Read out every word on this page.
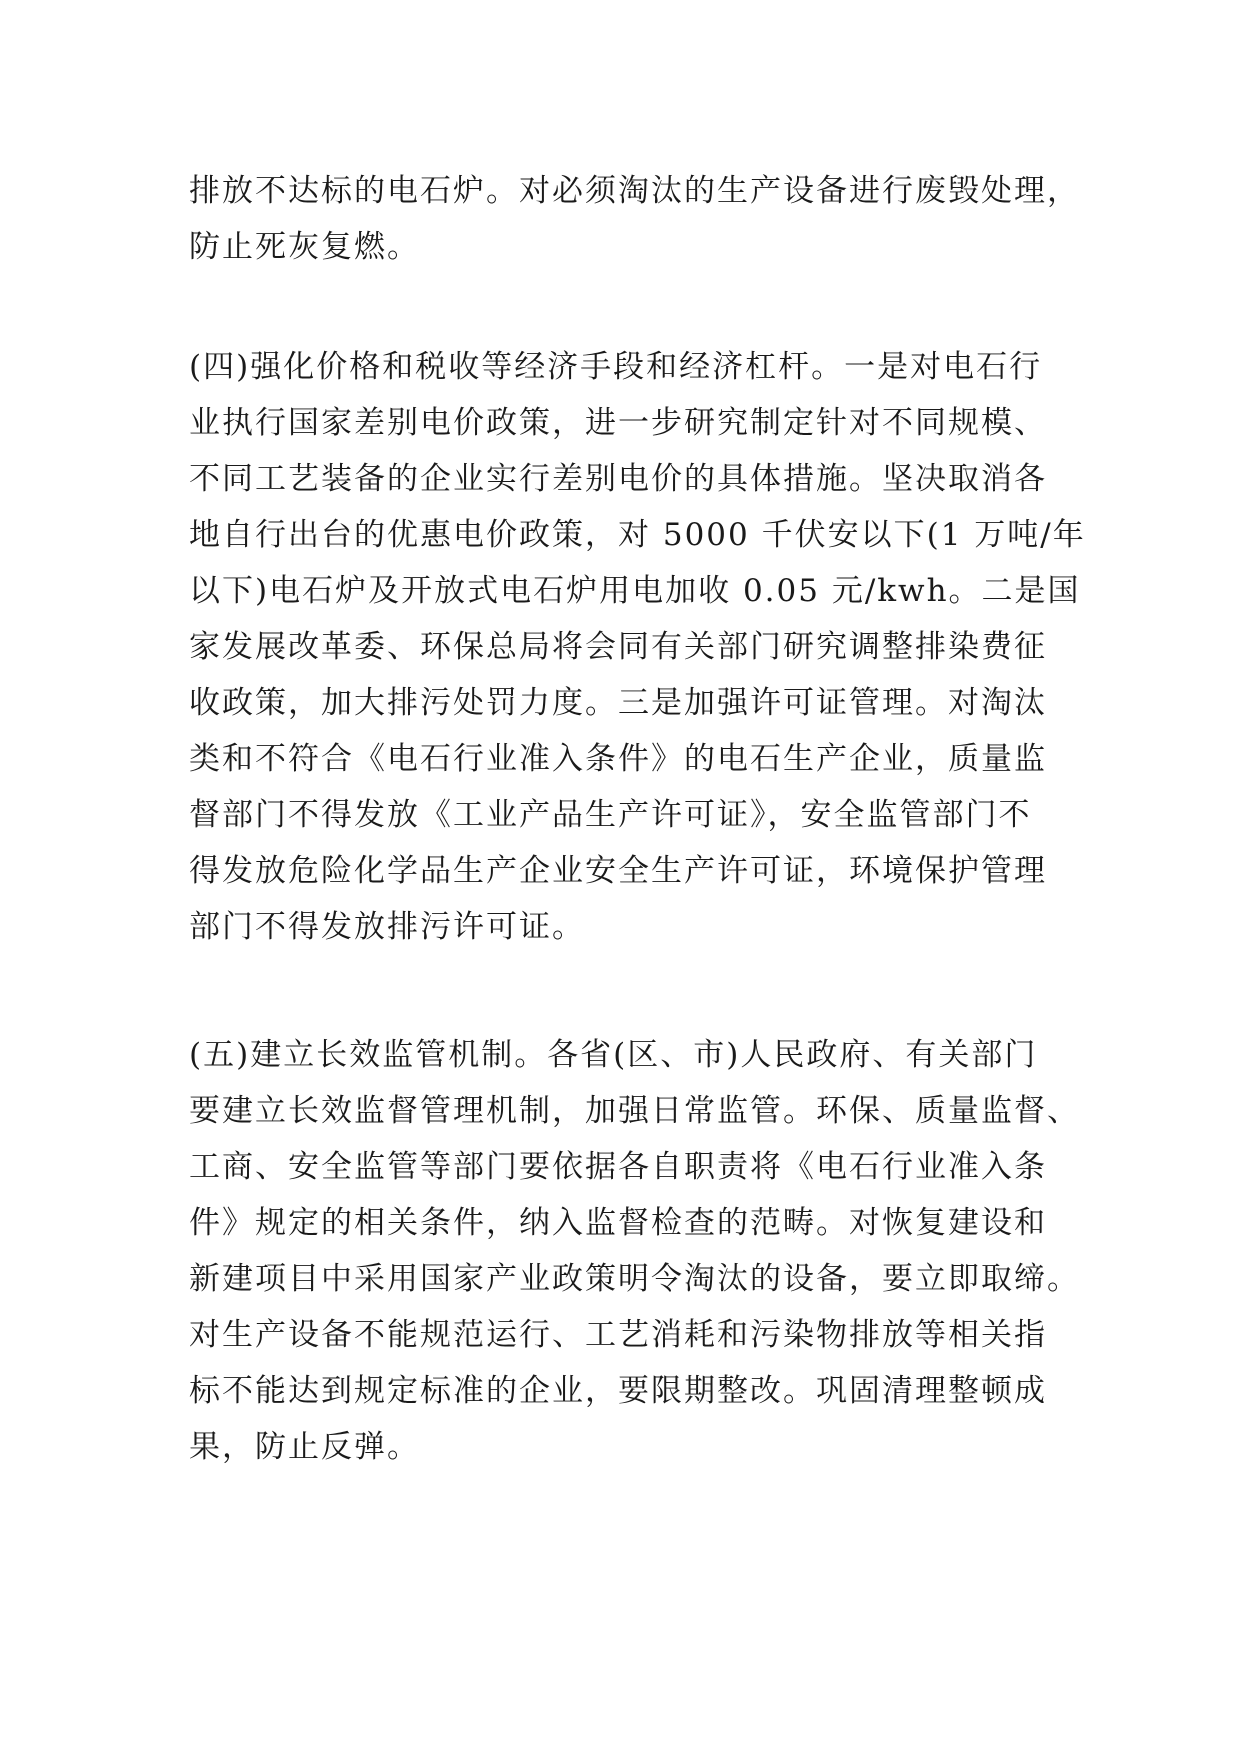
排放不达标的电石炉。对必须淘汰的生产设备进行废毁处理，
防止死灰复燃。

(四)强化价格和税收等经济手段和经济杠杆。一是对电石行
业执行国家差别电价政策，进一步研究制定针对不同规模、
不同工艺装备的企业实行差别电价的具体措施。坚决取消各
地自行出台的优惠电价政策，对 5000 千伏安以下(1 万吨/年
以下)电石炉及开放式电石炉用电加收 0.05 元/kwh。二是国
家发展改革委、环保总局将会同有关部门研究调整排染费征
收政策，加大排污处罚力度。三是加强许可证管理。对淘汰
类和不符合《电石行业准入条件》的电石生产企业，质量监
督部门不得发放《工业产品生产许可证》，安全监管部门不
得发放危险化学品生产企业安全生产许可证，环境保护管理
部门不得发放排污许可证。

(五)建立长效监管机制。各省(区、市)人民政府、有关部门
要建立长效监督管理机制，加强日常监管。环保、质量监督、
工商、安全监管等部门要依据各自职责将《电石行业准入条
件》规定的相关条件，纳入监督检查的范畴。对恢复建设和
新建项目中采用国家产业政策明令淘汰的设备，要立即取缔。
对生产设备不能规范运行、工艺消耗和污染物排放等相关指
标不能达到规定标准的企业，要限期整改。巩固清理整顿成
果，防止反弹。
